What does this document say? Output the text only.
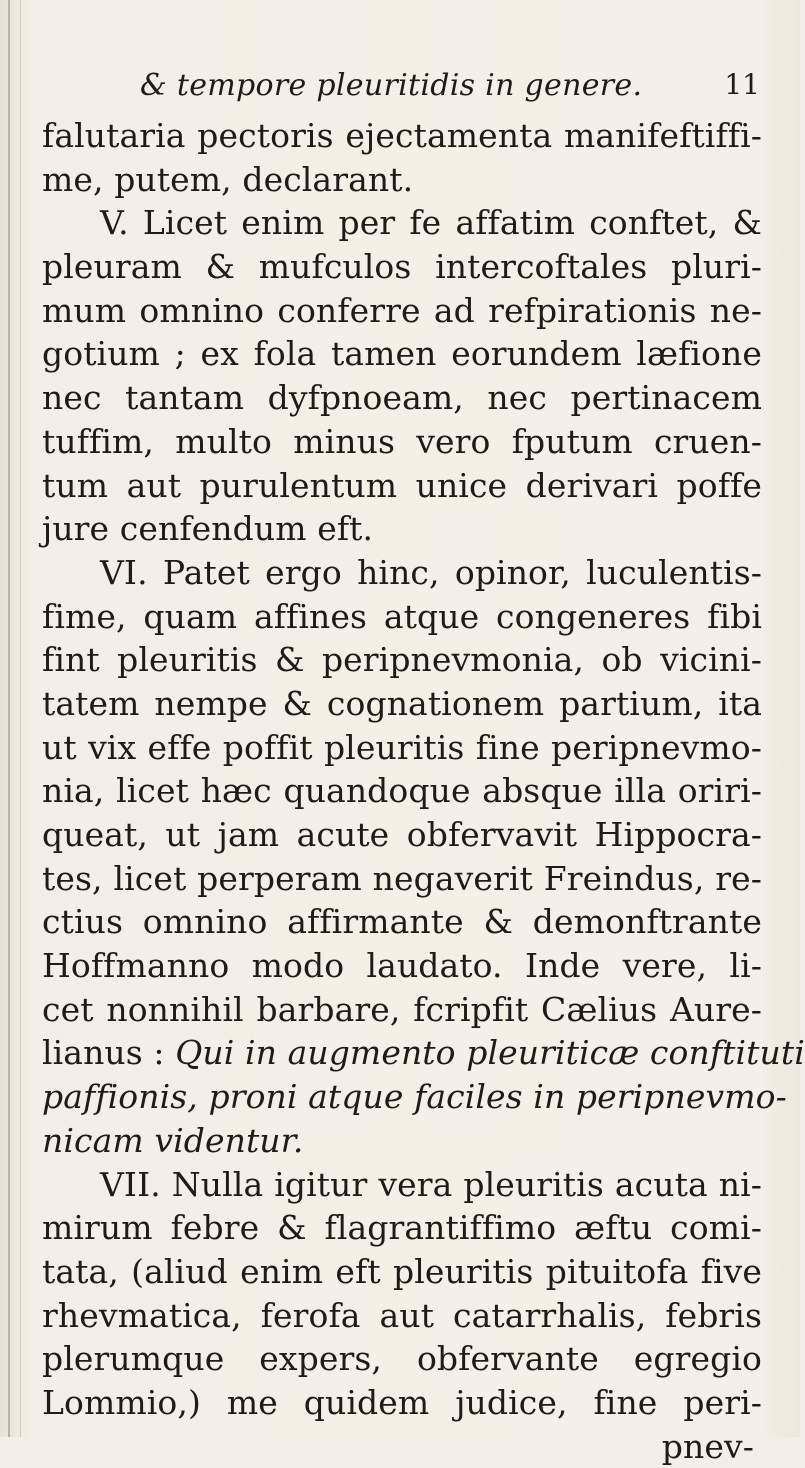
& tempore pleuritidis in genere.	11
falutaria pectoris ejectamenta manifeftiffi-
me, putem, declarant.
V. Licet enim per fe affatim conftet, &
pleuram & mufculos intercoftales pluri-
mum omnino conferre ad refpirationis ne-
gotium ; ex fola tamen eorundem læfione
nec tantam dyfpnoeam, nec pertinacem
tuffim, multo minus vero fputum cruen-
tum aut purulentum unice derivari poffe
jure cenfendum eft.
VI. Patet ergo hinc, opinor, luculentis-
fime, quam affines atque congeneres fibi
fint pleuritis & peripnevmonia, ob vicini-
tatem nempe & cognationem partium, ita
ut vix effe poffit pleuritis fine peripnevmo-
nia, licet hæc quandoque absque illa oriri-
queat, ut jam acute obfervavit Hippocra-
tes, licet perperam negaverit Freindus, re-
ctius omnino affirmante & demonftrante
Hoffmanno modo laudato. Inde vere, li-
cet nonnihil barbare, fcripfit Cælius Aure-
lianus : Qui in augmento pleuriticæ conftituti
paffionis, proni atque faciles in peripnevmo-
nicam videntur.
VII. Nulla igitur vera pleuritis acuta ni-
mirum febre & flagrantiffimo æftu comi-
tata, (aliud enim eft pleuritis pituitofa five
rhevmatica, ferofa aut catarrhalis, febris
plerumque expers, obfervante egregio
Lommio,) me quidem judice, fine peri-
pnev-
